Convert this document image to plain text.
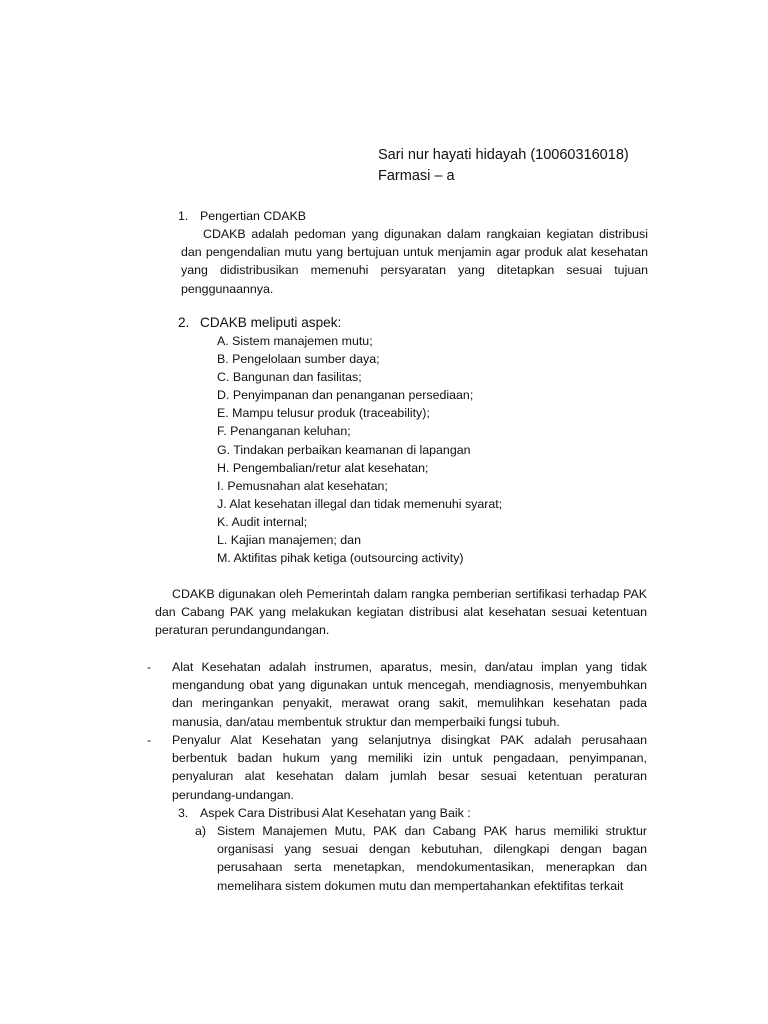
Sari nur hayati hidayah (10060316018)
Farmasi – a
1. Pengertian CDAKB
CDAKB adalah pedoman yang digunakan dalam rangkaian kegiatan distribusi dan pengendalian mutu yang bertujuan untuk menjamin agar produk alat kesehatan yang didistribusikan memenuhi persyaratan yang ditetapkan sesuai tujuan penggunaannya.
2. CDAKB meliputi aspek:
A. Sistem manajemen mutu;
B. Pengelolaan sumber daya;
C. Bangunan dan fasilitas;
D. Penyimpanan dan penanganan persediaan;
E. Mampu telusur produk (traceability);
F. Penanganan keluhan;
G. Tindakan perbaikan keamanan di lapangan
H. Pengembalian/retur alat kesehatan;
I. Pemusnahan alat kesehatan;
J. Alat kesehatan illegal dan tidak memenuhi syarat;
K. Audit internal;
L. Kajian manajemen; dan
M. Aktifitas pihak ketiga (outsourcing activity)
CDAKB digunakan oleh Pemerintah dalam rangka pemberian sertifikasi terhadap PAK dan Cabang PAK yang melakukan kegiatan distribusi alat kesehatan sesuai ketentuan peraturan perundangundangan.
- Alat Kesehatan adalah instrumen, aparatus, mesin, dan/atau implan yang tidak mengandung obat yang digunakan untuk mencegah, mendiagnosis, menyembuhkan dan meringankan penyakit, merawat orang sakit, memulihkan kesehatan pada manusia, dan/atau membentuk struktur dan memperbaiki fungsi tubuh.
- Penyalur Alat Kesehatan yang selanjutnya disingkat PAK adalah perusahaan berbentuk badan hukum yang memiliki izin untuk pengadaan, penyimpanan, penyaluran alat kesehatan dalam jumlah besar sesuai ketentuan peraturan perundang-undangan.
3. Aspek Cara Distribusi Alat Kesehatan yang Baik :
a) Sistem Manajemen Mutu, PAK dan Cabang PAK harus memiliki struktur organisasi yang sesuai dengan kebutuhan, dilengkapi dengan bagan perusahaan serta menetapkan, mendokumentasikan, menerapkan dan memelihara sistem dokumen mutu dan mempertahankan efektifitas terkait
